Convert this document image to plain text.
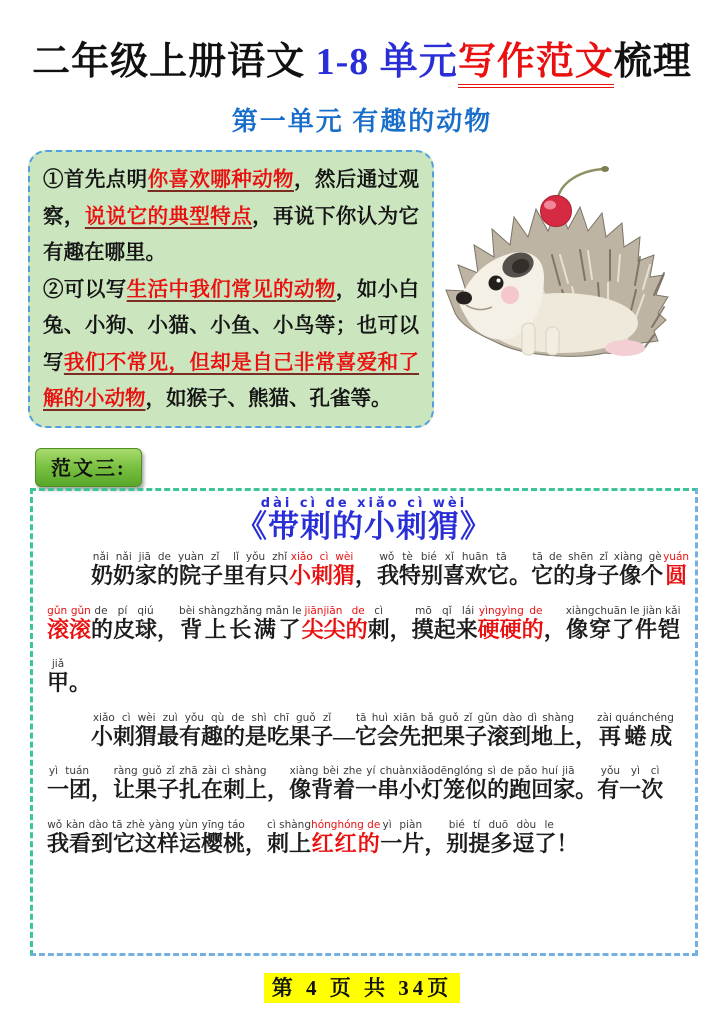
二年级上册语文 1-8 单元写作范文梳理
第一单元 有趣的动物
①首先点明你喜欢哪种动物，然后通过观察，说说它的典型特点，再说下你认为它有趣在哪里。
②可以写生活中我们常见的动物，如小白兔、小狗、小猫、小鱼、小鸟等；也可以写我们不常见，但却是自己非常喜爱和了解的小动物，如猴子、熊猫、孔雀等。
范文三:
dài cì de xiǎo cì wèi
《带刺的小刺猬》
奶奶家的院子里有只nǎi nǎi jiā de yuàn zǐ  lǐ yǒu zhǐ小刺猬xiǎo cì wèi，我特别喜欢它wǒ tè bié xǐ huān tā。它的身子像个tā de shēn zǐ xiàng gè圆yuán
滚滚gǔn gǔn的皮球de pí qiú，背上长满了bèi shàngzhǎng mǎn le尖尖的jiānjiān de刺cì，摸起来mō qǐ lái硬硬的yìngyìng de，像穿了件铠xiàngchuān le jiàn kǎi
甲jiǎ。
小刺猬最有趣的是吃果子xiǎo cì wèi zuì yǒu qù de shì chī guǒ zǐ—它会先把果子滚到地上tā huì xiān bǎ guǒ zǐ gǔn dào dì shàng，再蜷成zài quánchéng
一团yì tuán，让果子扎在刺上ràng guǒ zǐ zhā zài cì shàng，像背着一串小灯笼似的跑回家xiàng bèi zhe yí chuànxiǎodēnglóng sì de pǎo huí jiā。有一次yǒu yì cì
我看到它这样运樱桃wǒ kàn dào tā zhè yàng yùn yīng táo，刺上cì shàng红红的hónghóng de一片yì piàn，别提多逗了bié tí duō dòu le！
第 4 页 共 34页
